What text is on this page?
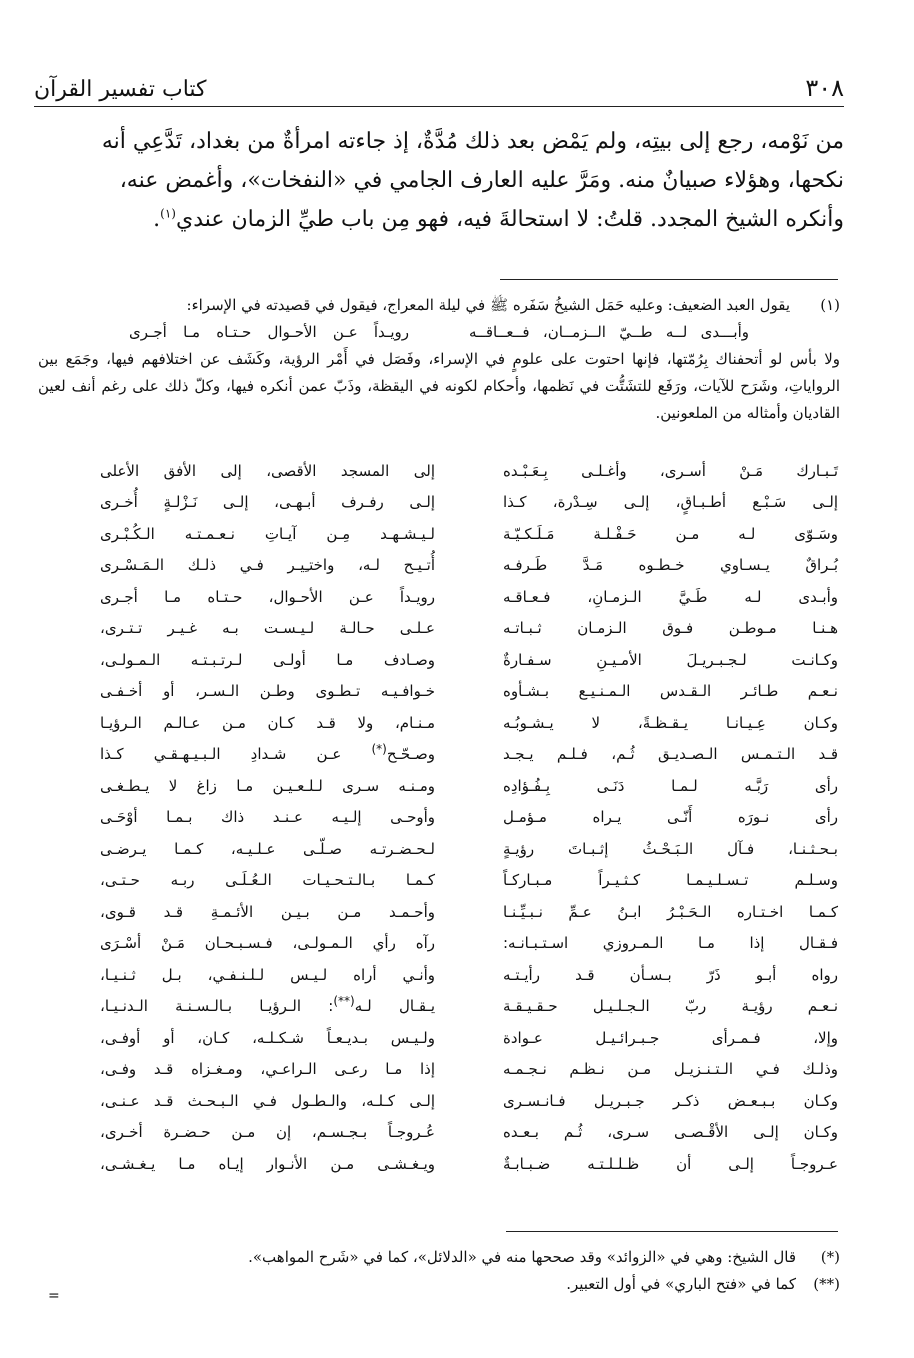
٣٠٨
كتاب تفسير القرآن

من نَوْمه، رجع إلى بيتِه، ولم يَمْض بعد ذلك مُدَّةٌ، إذ جاءته امرأةٌ من بغداد، تَدَّعِي أنه

نكحها، وهؤلاء صبيانٌ منه. ومَرَّ عليه العارف الجامي في «النفخات»، وأغمض عنه،

وأنكره الشيخ المجدد. قلتُ: لا استحالةَ فيه، فهو مِن باب طيِّ الزمان عندي$^{(١)}$.

(١)
يقول العبد الضعيف: وعليه حَمَل الشيخُ سَفَره ﷺ في ليلة المعراج، فيقول في قصيدته في الإسراء:
وأبـــدى لــه طــيّ الــزمــان، فــعــاقــه
رويـداً عـن الأحـوال حـتـاه مـا أجـرى
ولا بأس لو أتحفناك بِرُمّتها، فإنها احتوت على علومٍ في الإسراء، وفَصَل في أَمْر الرؤية، وكَشَف عن اختلافهم فيها، وجَمَع بين الرواياتِ، وشَرَح للآيات، ورَفَع للتشَتُّت في نَظمها، وأحكام لكونه في اليقظة، وذَبّ عمن أنكره فيها، وكلّ ذلك على رغم أنف لعين القاديان وأمثاله من الملعونين.
تَـبـارك مَـنْ أسـرى، وأغـلـى بِـعَـبْـده
إلى المسجد الأقصى، إلى الأفق الأعلى
إلـى سَـبْـع أطـبـاقٍ، إلـى سِـدْرة، كـذا
إلـى رفـرف أبـهـى، إلـى نَـزْلـةٍ أُخـرى
وسَـوّى لـه مـن حَـفْـلـة مَـلَـكـيّـة
لـيـشـهـد مِـن آيـاتِ نـعـمـتـه الـكُـبْـرى
بُـراقٌ يـسـاوي خـطـوه مَـدَّ طَـرفـه
أُتـيـح لـه، واختـِيـر فـي ذلـك الـمَـسْـرى
وأبـدى لـه طَـيَّ الـزمـانِ، فـعـاقـه
رويـداً عـن الأحـوال، حـتـاه مـا أجـرى
هـنـا مـوطـن فـوق الـزمـان ثـبـاتـه
عـلـى حـالـة لـيـسـت بـه غـيـر تـتـرى،
وكـانـت لـجـبـريـلَ الأمـيـنِ سـفـارةٌ
وصـادف مـا أولـى لـرتـبـتـه الـمـولـى،
نـعـم طـائـر الـقـدس الـمـنـيـع بـشـأوه
خـوافـيـه تـطـوى وطـن الـسـر، أو أخـفـى
وكـان عِـيـانـا يـقـظـةً، لا يـشـوبُـه
مـنـام، ولا قـد كـان مـن عـالـم الـرؤيـا
قـد الـتـمـس الـصـديـق ثُـم، فـلـم يـجـد
وصـحّـح(*) عـن شـدادِ الـبـيـهـقـي كـذا
رأى رَبَّـه لـمـا دَنَـى بِـفُـؤادِه
ومـنـه سـرى لـلـعـيـن مـا زاغ لا يـطـغـى
رأى نـورَه أَنّـى يـراه مـؤمـل
وأوحـى إلـيـه عـنـد ذاك بـمـا أوْحَـى
بـحـثـنـا، فـآل الـبَـحْـثُ إثـبـاتَ رؤيـةٍ
لـحـضـرتـه صـلّـى عـلـيـه، كـمـا يـرضـى
وسـلـم تـسـلـيـمـا كـثـيـراً مـبـاركـاً
كـمـا بـالـتـحـيـات الـعُـلَـى ربـه حـتـى،
كـمـا اخـتـاره الـحَـبْـرُ ابـنُ عـمِّ نـبـيِّـنـا
وأحـمـد مـن بـيـن الأئـمـةِ قـد قـوى،
فـقـال إذا مـا الـمـروزي اسـتـبـانـه:
رآه رأي الـمـولـى، فـسـبـحـان مَـنْ أسْـرَى
رواه أبـو ذَرّ بـسـأن قـد رأيـتـه
وأنـي أراه لـيـس لـلـنـفـي، بـل ثـنـيـا،
نـعـم رؤيـة ربّ الـجـلـيـل حـقـيـقـة
يـقـال لـه(**): الـرؤيـا بـالـسـنـة الـدنـيـا،
وإلا، فـمـرأى جـبـرائـيـل عـوادة
ولـيـس بـديـعـاً شـكـلـه، كـان، أو أوفـى،
وذلـك فـي الـتـنـزيـل مـن نـظـم نـجـمـه
إذا مـا رعـى الـراعـي، ومـغـزاه قـد وفـى،
وكـان بـبـعـض ذكـر جـبـريـل فـانـسـرى
إلـى كـلـه، والـطـول فـي الـبـحـث قـد عـنـى،
وكـان إلـى الأقْـصـى سـرى، ثُـم بـعـده
عُـروجـاً بـجـسـم، إن مـن حـضـرة أخـرى،
عـروجـاً إلـى أن ظـلـلـتـه ضـبـابـةٌ
ويـغـشـى مـن الأنـوار إيـاه مـا يـغـشـى،
(*)
قال الشيخ: وهي في «الزوائد» وقد صححها منه في «الدلائل»، كما في «شَرح المواهب».
(**)
كما في «فتح الباري» في أول التعبير.
=
